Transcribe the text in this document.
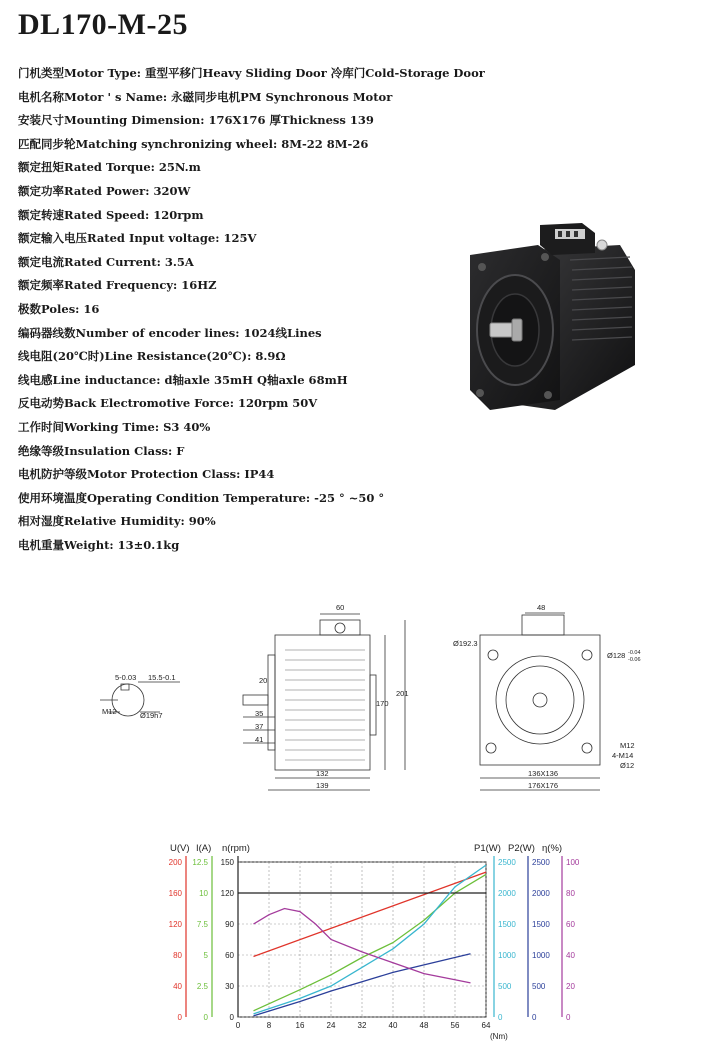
DL170-M-25
门机类型Motor Type: 重型平移门Heavy Sliding Door 冷库门Cold-Storage Door
电机名称Motor ' s Name: 永磁同步电机PM Synchronous Motor
安装尺寸Mounting Dimension: 176X176 厚Thickness 139
匹配同步轮Matching synchronizing wheel: 8M-22 8M-26
额定扭矩Rated Torque: 25N.m
额定功率Rated Power: 320W
额定转速Rated Speed: 120rpm
额定输入电压Rated Input voltage: 125V
额定电流Rated Current: 3.5A
额定频率Rated Frequency: 16HZ
极数Poles: 16
编码器线数Number of encoder lines: 1024线Lines
线电阻(20℃时)Line Resistance(20℃): 8.9Ω
线电感Line inductance: d轴axle 35mH Q轴axle 68mH
反电动势Back Electromotive Force: 120rpm 50V
工作时间Working Time: S3 40%
绝缘等级Insulation Class: F
电机防护等级Motor Protection Class: IP44
使用环境温度Operating Condition Temperature: -25 ° ~50 °
相对湿度Relative Humidity: 90%
电机重量Weight: 13±0.1kg
5-0.03 15.5-0.1
M12	Ø19h7
60
20
35
37
41
170
201
132
139
48
Ø192.3
Ø128 -0.04
-0.06
M12
4-M14
Ø12
136X136
176X176
0	8	16	24	32	40	48	56	64
(Nm)
U(V)
0
40
80
120
160
200
I(A)
0
2.5
5
7.5
10
12.5
n(rpm)
0
30
60
90
120
150
P1(W)
0
500
1000
1500
2000
2500
P2(W)
0
500
1000
1500
2000
2500
η(%)
0
20
40
60
80
100
